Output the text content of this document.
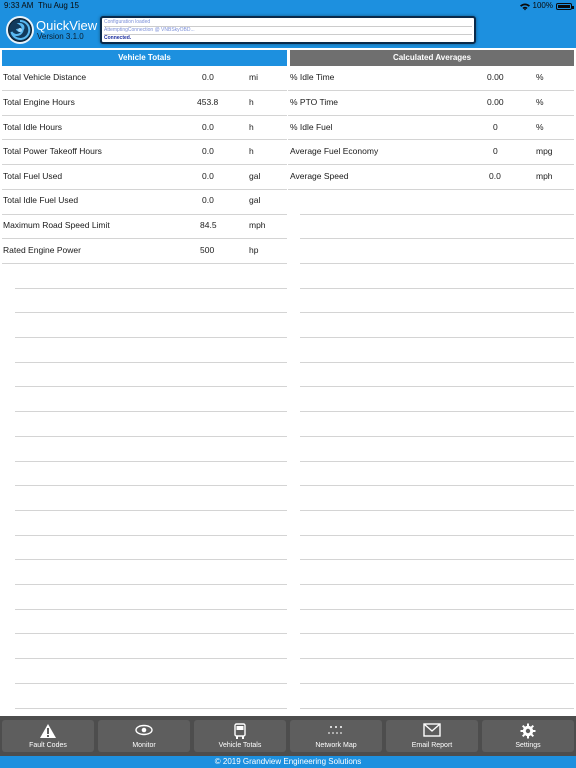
9:33 AM Thu Aug 15	100%
QuickView
Version 3.1.0
Configuration loaded
AttemptingConnection @ VNBSkyOBD...
Connected.
Vehicle Totals	Calculated Averages
Total Vehicle Distance	0.0	mi
Total Engine Hours	453.8	h
Total Idle Hours	0.0	h
Total Power Takeoff Hours	0.0	h
Total Fuel Used	0.0	gal
Total Idle Fuel Used	0.0	gal
Maximum Road Speed Limit	84.5	mph
Rated Engine Power	500	hp
% Idle Time	0.00	%
% PTO Time	0.00	%
% Idle Fuel	0	%
Average Fuel Economy	0	mpg
Average Speed	0.0	mph
Fault Codes	Monitor	Vehicle Totals	Network Map	Email Report	Settings
© 2019 Grandview Engineering Solutions
